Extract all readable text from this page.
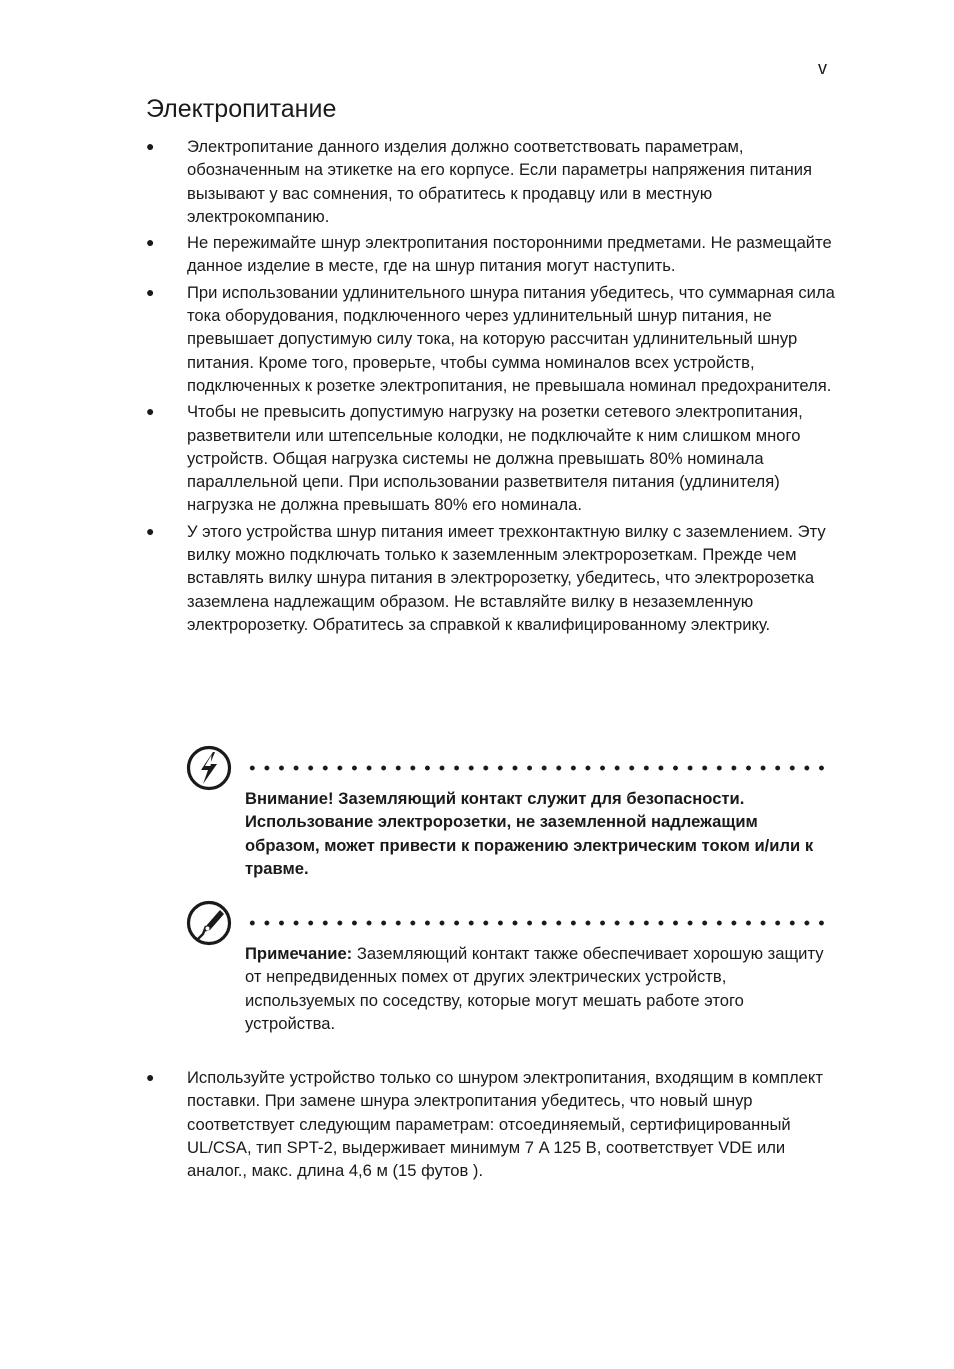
v
Электропитание
● Электропитание данного изделия должно соответствовать параметрам, обозначенным на этикетке на его корпусе. Если параметры напряжения питания вызывают у вас сомнения, то обратитесь к продавцу или в местную электрокомпанию.
● Не пережимайте шнур электропитания посторонними предметами. Не размещайте данное изделие в месте, где на шнур питания могут наступить.
● При использовании удлинительного шнура питания убедитесь, что суммарная сила тока оборудования, подключенного через удлинительный шнур питания, не превышает допустимую силу тока, на которую рассчитан удлинительный шнур питания. Кроме того, проверьте, чтобы сумма номиналов всех устройств, подключенных к розетке электропитания, не превышала номинал предохранителя.
● Чтобы не превысить допустимую нагрузку на розетки сетевого электропитания, разветвители или штепсельные колодки, не подключайте к ним слишком много устройств. Общая нагрузка системы не должна превышать 80% номинала параллельной цепи. При использовании разветвителя питания (удлинителя) нагрузка не должна превышать 80% его номинала.
● У этого устройства шнур питания имеет трехконтактную вилку с заземлением. Эту вилку можно подключать только к заземленным электророзеткам. Прежде чем вставлять вилку шнура питания в электророзетку, убедитесь, что электророзетка заземлена надлежащим образом. Не вставляйте вилку в незаземленную электророзетку. Обратитесь за справкой к квалифицированному электрику.
Внимание! Заземляющий контакт служит для безопасности. Использование электророзетки, не заземленной надлежащим образом, может привести к поражению электрическим током и/или к травме.
Примечание: Заземляющий контакт также обеспечивает хорошую защиту от непредвиденных помех от других электрических устройств, используемых по соседству, которые могут мешать работе этого устройства.
● Используйте устройство только со шнуром электропитания, входящим в комплект поставки. При замене шнура электропитания убедитесь, что новый шнур соответствует следующим параметрам: отсоединяемый, сертифицированный UL/CSA, тип SPT-2, выдерживает минимум 7 A 125 В, соответствует VDE или аналог., макс. длина 4,6 м (15 футов ).
